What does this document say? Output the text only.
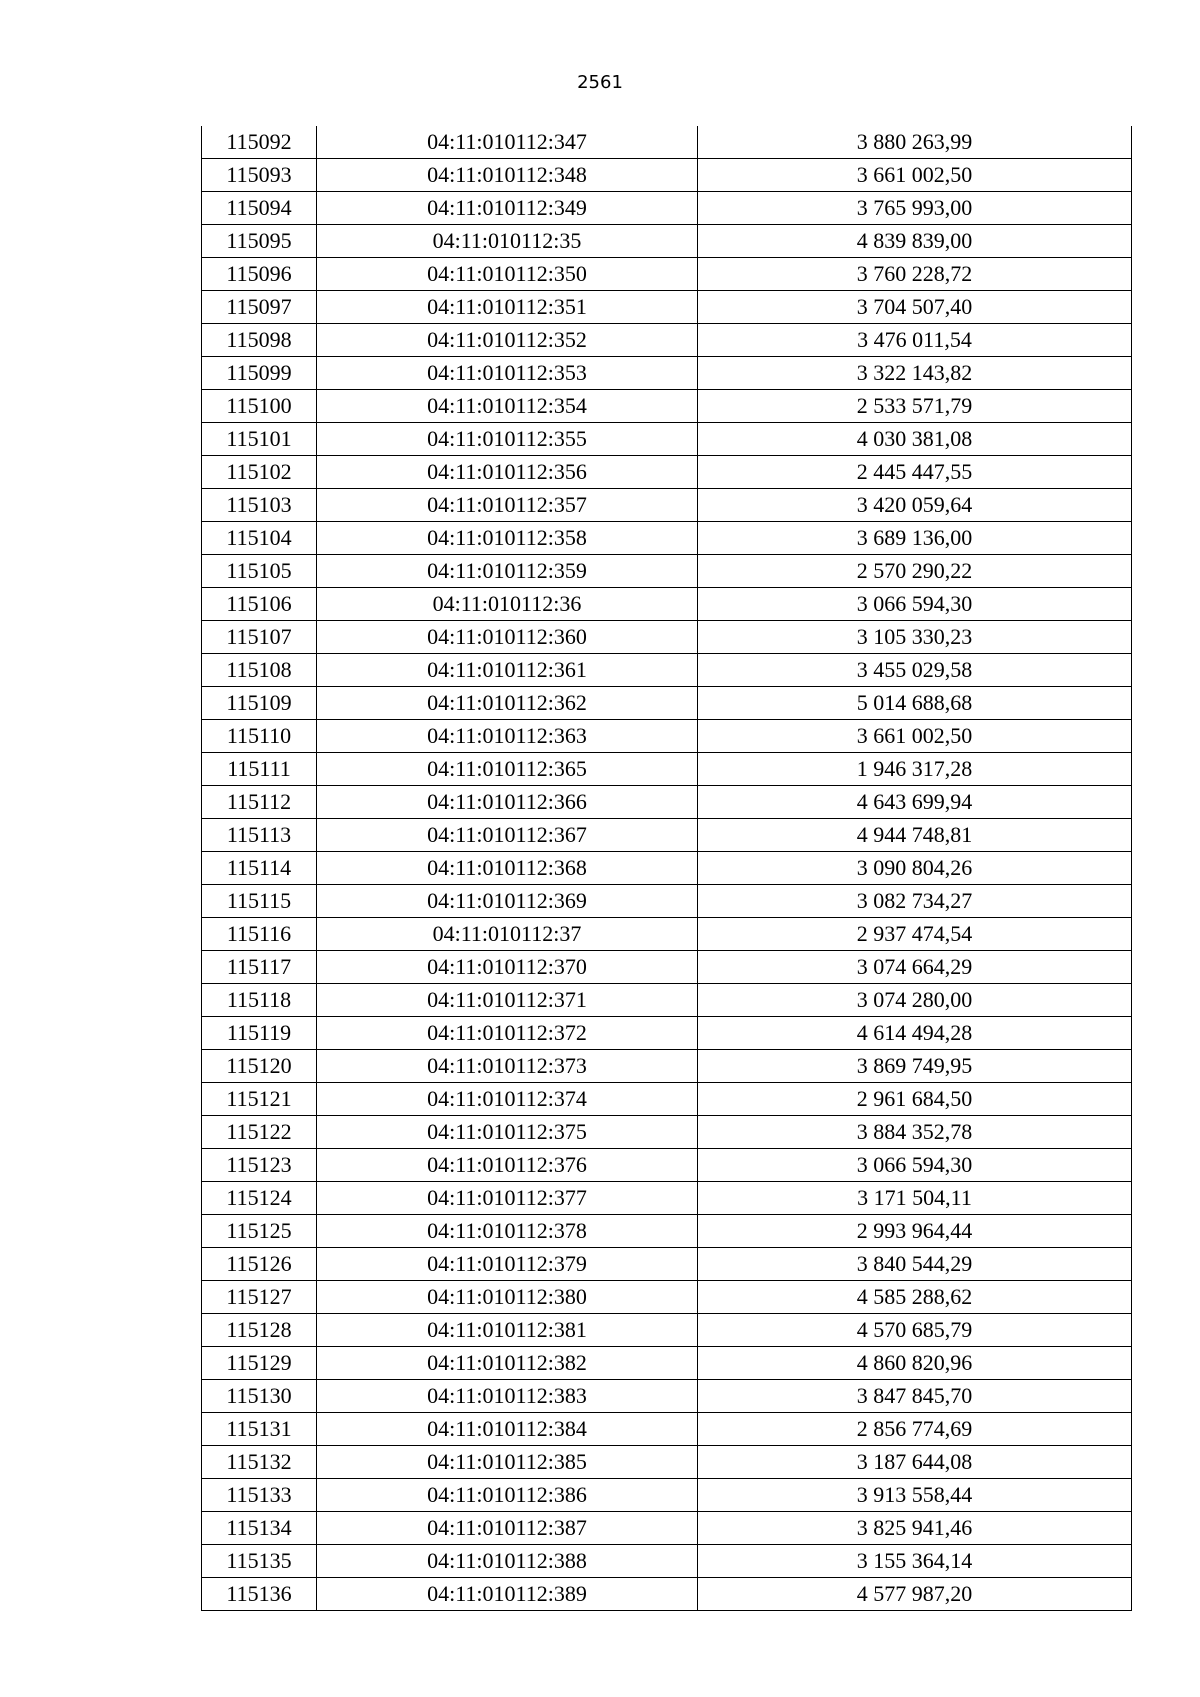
2561
115092	04:11:010112:347	3 880 263,99
115093	04:11:010112:348	3 661 002,50
115094	04:11:010112:349	3 765 993,00
115095	04:11:010112:35	4 839 839,00
115096	04:11:010112:350	3 760 228,72
115097	04:11:010112:351	3 704 507,40
115098	04:11:010112:352	3 476 011,54
115099	04:11:010112:353	3 322 143,82
115100	04:11:010112:354	2 533 571,79
115101	04:11:010112:355	4 030 381,08
115102	04:11:010112:356	2 445 447,55
115103	04:11:010112:357	3 420 059,64
115104	04:11:010112:358	3 689 136,00
115105	04:11:010112:359	2 570 290,22
115106	04:11:010112:36	3 066 594,30
115107	04:11:010112:360	3 105 330,23
115108	04:11:010112:361	3 455 029,58
115109	04:11:010112:362	5 014 688,68
115110	04:11:010112:363	3 661 002,50
115111	04:11:010112:365	1 946 317,28
115112	04:11:010112:366	4 643 699,94
115113	04:11:010112:367	4 944 748,81
115114	04:11:010112:368	3 090 804,26
115115	04:11:010112:369	3 082 734,27
115116	04:11:010112:37	2 937 474,54
115117	04:11:010112:370	3 074 664,29
115118	04:11:010112:371	3 074 280,00
115119	04:11:010112:372	4 614 494,28
115120	04:11:010112:373	3 869 749,95
115121	04:11:010112:374	2 961 684,50
115122	04:11:010112:375	3 884 352,78
115123	04:11:010112:376	3 066 594,30
115124	04:11:010112:377	3 171 504,11
115125	04:11:010112:378	2 993 964,44
115126	04:11:010112:379	3 840 544,29
115127	04:11:010112:380	4 585 288,62
115128	04:11:010112:381	4 570 685,79
115129	04:11:010112:382	4 860 820,96
115130	04:11:010112:383	3 847 845,70
115131	04:11:010112:384	2 856 774,69
115132	04:11:010112:385	3 187 644,08
115133	04:11:010112:386	3 913 558,44
115134	04:11:010112:387	3 825 941,46
115135	04:11:010112:388	3 155 364,14
115136	04:11:010112:389	4 577 987,20
